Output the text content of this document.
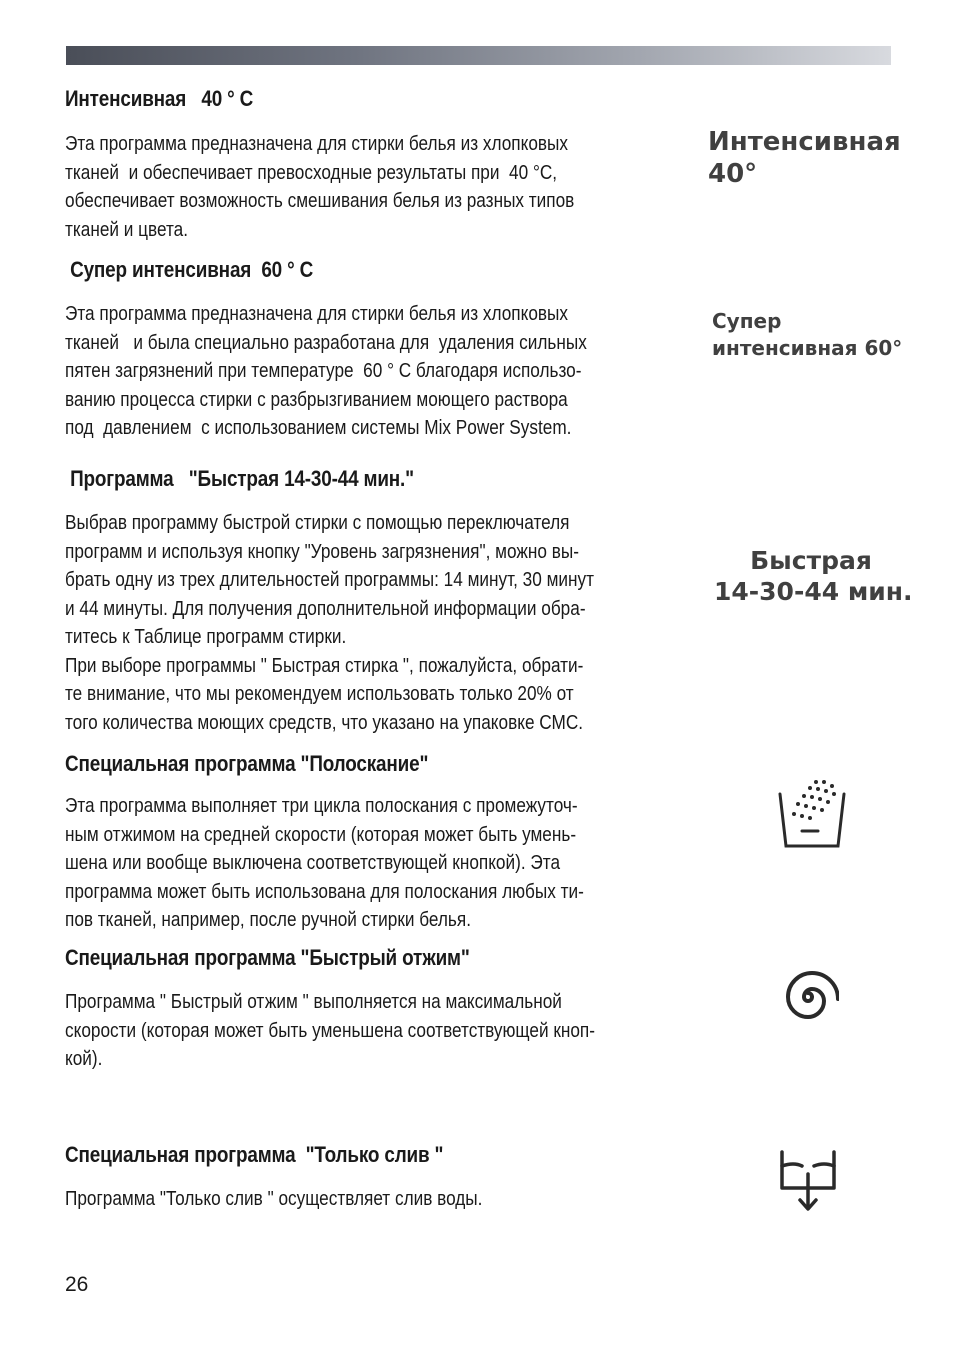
Интенсивная   40 ° С
Эта программа предназначена для стирки белья из хлопковых
тканей  и обеспечивает превосходные результаты при  40 °С,
обеспечивает возможность смешивания белья из разных типов
тканей и цвета.
Интенсивная
40°
Супер интенсивная  60 ° С
Эта программа предназначена для стирки белья из хлопковых
тканей   и была специально разработана для  удаления сильных
пятен загрязнений при температуре  60 ° С благодаря использо-
ванию процесса стирки с разбрызгиванием моющего раствора
под  давлением  с использованием системы Mix Power System.
Супер
интенсивная 60°
Программа   "Быстрая 14-30-44 мин."
Выбрав программу быстрой стирки с помощью переключателя
программ и используя кнопку "Уровень загрязнения", можно вы-
брать одну из трех длительностей программы: 14 минут, 30 минут
и 44 минуты. Для получения дополнительной информации обра-
титесь к Таблице программ стирки.
При выборе программы " Быстрая стирка ", пожалуйста, обрати-
те внимание, что мы рекомендуем использовать только 20% от
того количества моющих средств, что указано на упаковке СМС.
Быстрая
14-30-44 мин.
Специальная программа "Полоскание"
Эта программа выполняет три цикла полоскания с промежуточ-
ным отжимом на средней скорости (которая может быть умень-
шена или вообще выключена соответствующей кнопкой). Эта
программа может быть использована для полоскания любых ти-
пов тканей, например, после ручной стирки белья.
Специальная программа "Быстрый отжим"
Программа " Быстрый отжим " выполняется на максимальной
скорости (которая может быть уменьшена соответствующей кноп-
кой).
Специальная программа  "Только слив "
Программа "Только слив " осуществляет слив воды.

26
